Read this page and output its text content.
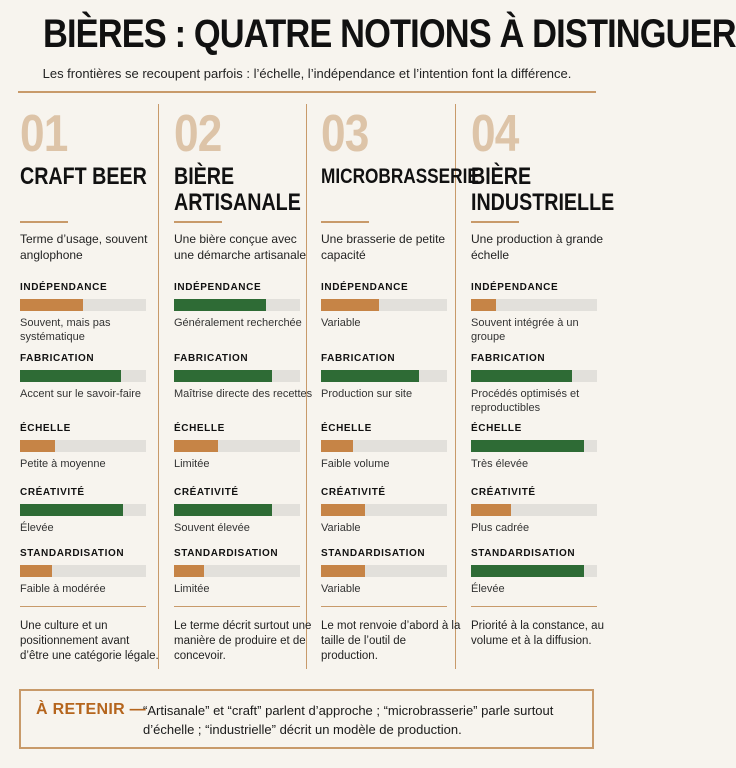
BIÈRES : QUATRE NOTIONS À DISTINGUER
Les frontières se recoupent parfois : l’échelle, l’indépendance et l’intention font la différence.
01
CRAFT BEER
Terme d’usage, souvent anglophone
INDÉPENDANCE
Souvent, mais pas systématique
FABRICATION
Accent sur le savoir-faire
ÉCHELLE
Petite à moyenne
CRÉATIVITÉ
Élevée
STANDARDISATION
Faible à modérée
Une culture et un positionnement avant d’être une catégorie légale.
02
BIÈRE
ARTISANALE
Une bière conçue avec une démarche artisanale
INDÉPENDANCE
Généralement recherchée
FABRICATION
Maîtrise directe des recettes
ÉCHELLE
Limitée
CRÉATIVITÉ
Souvent élevée
STANDARDISATION
Limitée
Le terme décrit surtout une manière de produire et de concevoir.
03
MICROBRASSERIE
Une brasserie de petite capacité
INDÉPENDANCE
Variable
FABRICATION
Production sur site
ÉCHELLE
Faible volume
CRÉATIVITÉ
Variable
STANDARDISATION
Variable
Le mot renvoie d’abord à la taille de l’outil de production.
04
BIÈRE
INDUSTRIELLE
Une production à grande échelle
INDÉPENDANCE
Souvent intégrée à un groupe
FABRICATION
Procédés optimisés et reproductibles
ÉCHELLE
Très élevée
CRÉATIVITÉ
Plus cadrée
STANDARDISATION
Élevée
Priorité à la constance, au volume et à la diffusion.
À RETENIR —
“Artisanale” et “craft” parlent d’approche ; “microbrasserie” parle surtout d’échelle ; “industrielle” décrit un modèle de production.
